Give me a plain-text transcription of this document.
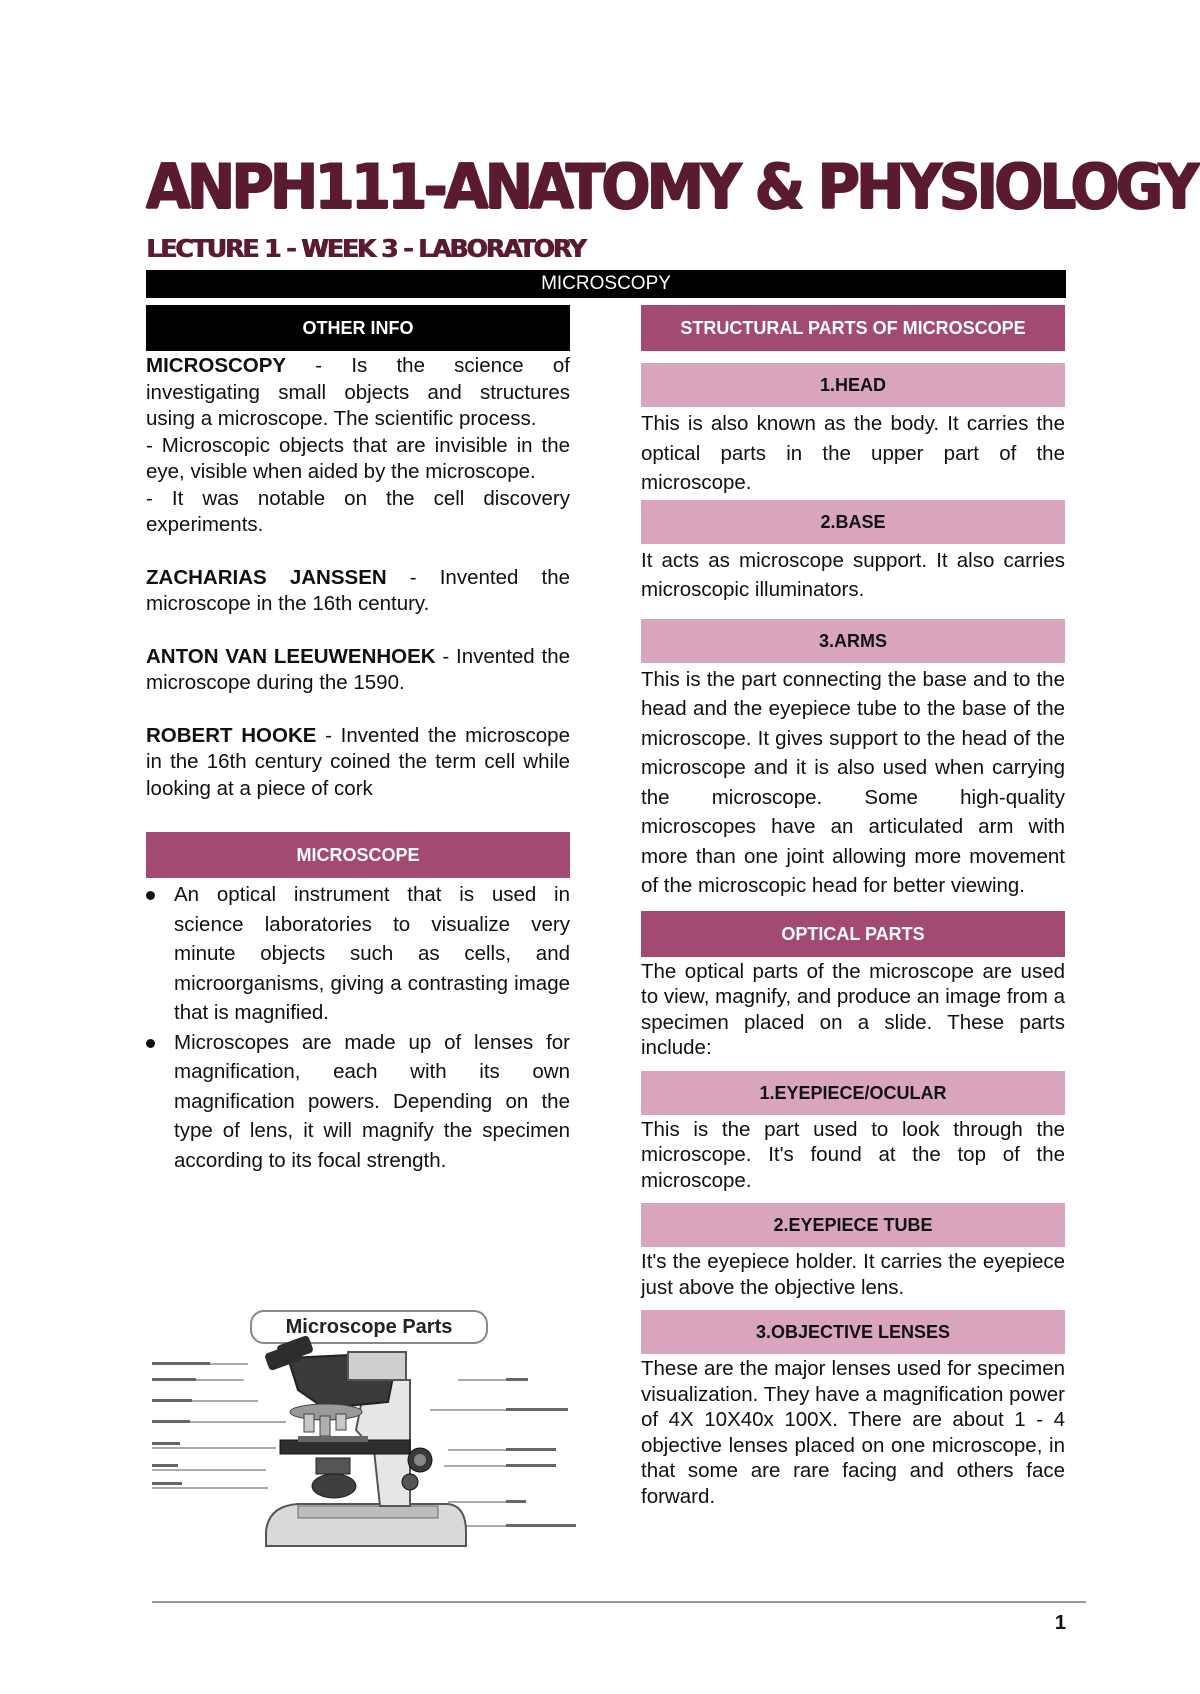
ANPH111-ANATOMY & PHYSIOLOGY
LECTURE 1 - WEEK 3 - LABORATORY
MICROSCOPY
OTHER INFO

MICROSCOPY - Is the science of investigating small objects and structures using a microscope. The scientific process.

- Microscopic objects that are invisible in the eye, visible when aided by the microscope.

- It was notable on the cell discovery experiments.

ZACHARIAS JANSSEN - Invented the microscope in the 16th century.

ANTON VAN LEEUWENHOEK - Invented the microscope during the 1590.

ROBERT HOOKE - Invented the microscope in the 16th century coined the term cell while looking at a piece of cork

MICROSCOPE
An optical instrument that is used in science laboratories to visualize very minute objects such as cells, and microorganisms, giving a contrasting image that is magnified.
Microscopes are made up of lenses for magnification, each with its own magnification powers. Depending on the type of lens, it will magnify the specimen according to its focal strength.
Microscope Parts
STRUCTURAL PARTS OF MICROSCOPE
1.HEAD

This is also known as the body. It carries the optical parts in the upper part of the microscope.

2.BASE

It acts as microscope support. It also carries microscopic illuminators.

3.ARMS

This is the part connecting the base and to the head and the eyepiece tube to the base of the microscope. It gives support to the head of the microscope and it is also used when carrying the microscope. Some high-quality microscopes have an articulated arm with more than one joint allowing more movement of the microscopic head for better viewing.

OPTICAL PARTS

The optical parts of the microscope are used to view, magnify, and produce an image from a specimen placed on a slide. These parts include:

1.EYEPIECE/OCULAR

This is the part used to look through the microscope. It's found at the top of the microscope.

2.EYEPIECE TUBE

It's the eyepiece holder. It carries the eyepiece just above the objective lens.

3.OBJECTIVE LENSES

These are the major lenses used for specimen visualization. They have a magnification power of 4X 10X40x 100X. There are about 1 - 4 objective lenses placed on one microscope, in that some are rare facing and others face forward.

1
